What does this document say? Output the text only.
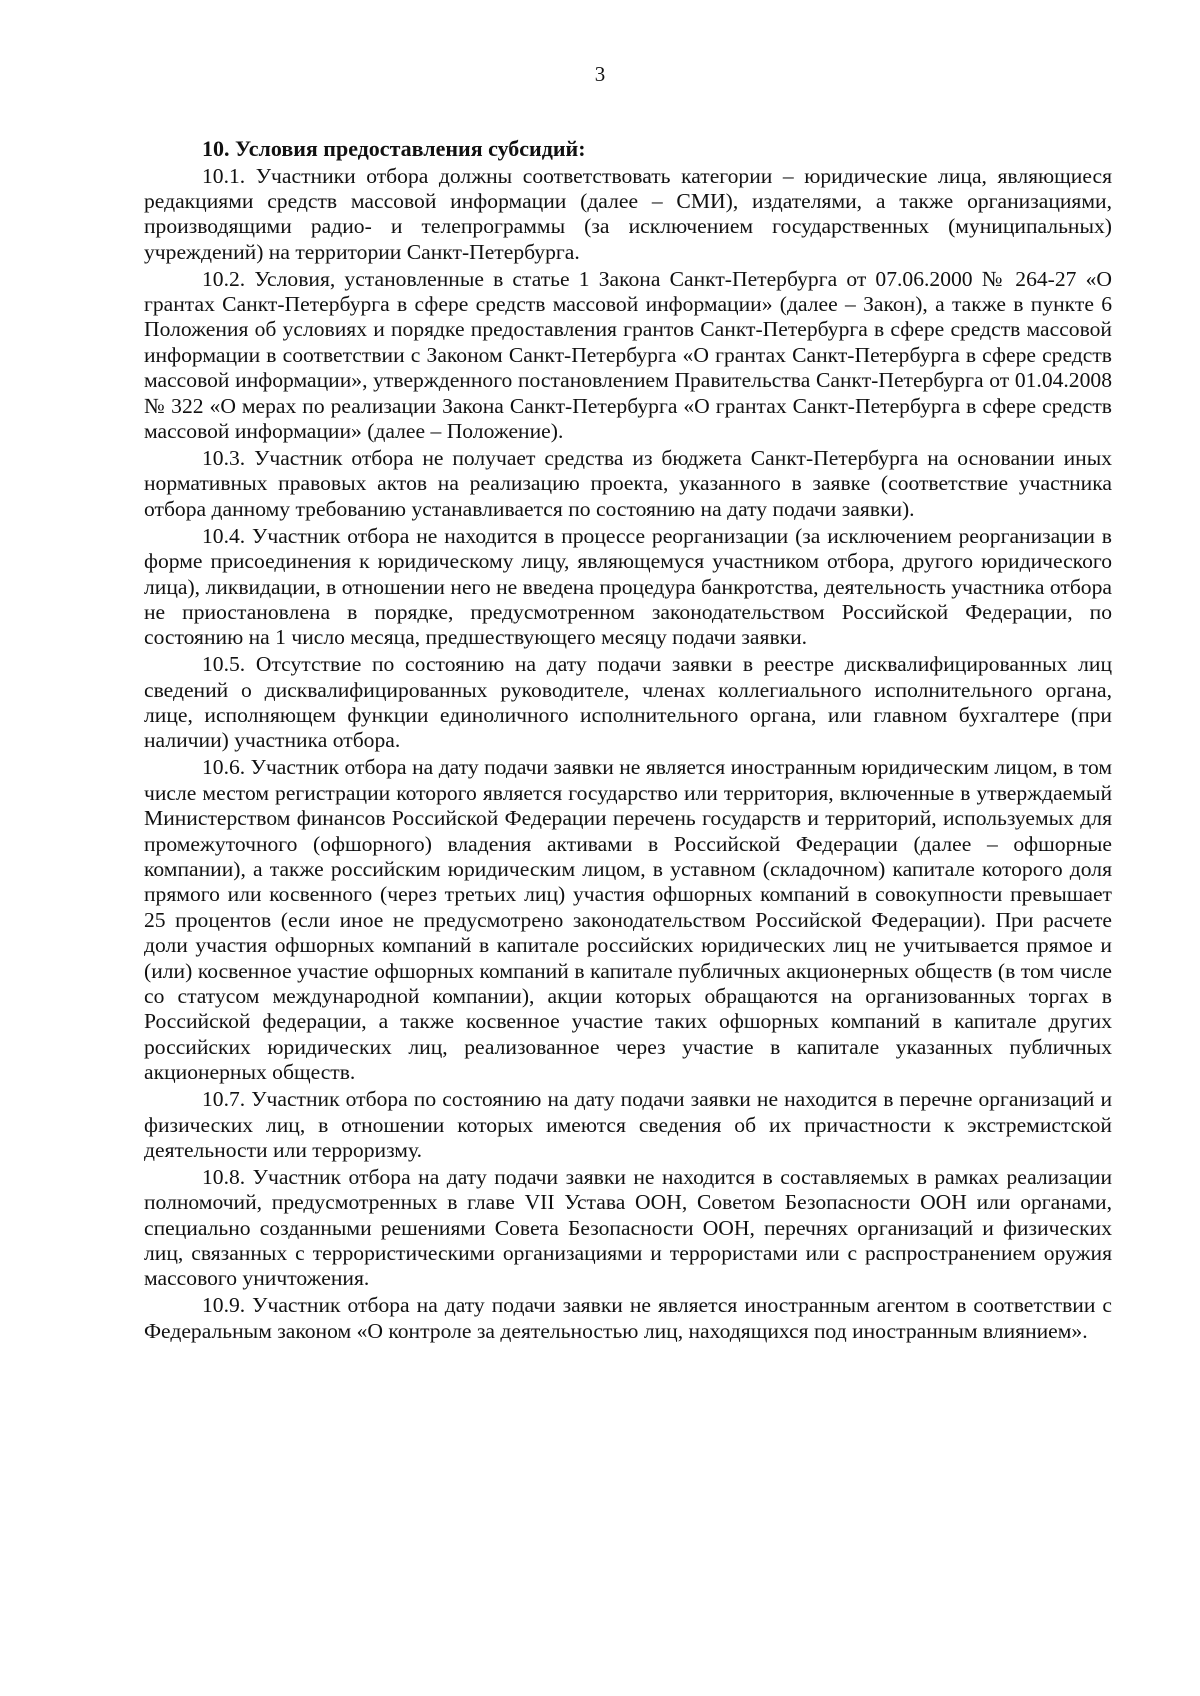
3

10. Условия предоставления субсидий:

10.1. Участники отбора должны соответствовать категории – юридические лица, являющиеся редакциями средств массовой информации (далее – СМИ), издателями, а также организациями, производящими радио- и телепрограммы (за исключением государственных (муниципальных) учреждений) на территории Санкт-Петербурга.

10.2. Условия, установленные в статье 1 Закона Санкт-Петербурга от 07.06.2000 № 264-27 «О грантах Санкт-Петербурга в сфере средств массовой информации» (далее – Закон), а также в пункте 6 Положения об условиях и порядке предоставления грантов Санкт-Петербурга в сфере средств массовой информации в соответствии с Законом Санкт-Петербурга «О грантах Санкт-Петербурга в сфере средств массовой информации», утвержденного постановлением Правительства Санкт-Петербурга от 01.04.2008 № 322 «О мерах по реализации Закона Санкт-Петербурга «О грантах Санкт-Петербурга в сфере средств массовой информации» (далее – Положение).

10.3. Участник отбора не получает средства из бюджета Санкт-Петербурга на основании иных нормативных правовых актов на реализацию проекта, указанного в заявке (соответствие участника отбора данному требованию устанавливается по состоянию на дату подачи заявки).

10.4. Участник отбора не находится в процессе реорганизации (за исключением реорганизации в форме присоединения к юридическому лицу, являющемуся участником отбора, другого юридического лица), ликвидации, в отношении него не введена процедура банкротства, деятельность участника отбора не приостановлена в порядке, предусмотренном законодательством Российской Федерации, по состоянию на 1 число месяца, предшествующего месяцу подачи заявки.

10.5. Отсутствие по состоянию на дату подачи заявки в реестре дисквалифицированных лиц сведений о дисквалифицированных руководителе, членах коллегиального исполнительного органа, лице, исполняющем функции единоличного исполнительного органа, или главном бухгалтере (при наличии) участника отбора.

10.6. Участник отбора на дату подачи заявки не является иностранным юридическим лицом, в том числе местом регистрации которого является государство или территория, включенные в утверждаемый Министерством финансов Российской Федерации перечень государств и территорий, используемых для промежуточного (офшорного) владения активами в Российской Федерации (далее – офшорные компании), а также российским юридическим лицом, в уставном (складочном) капитале которого доля прямого или косвенного (через третьих лиц) участия офшорных компаний в совокупности превышает 25 процентов (если иное не предусмотрено законодательством Российской Федерации). При расчете доли участия офшорных компаний в капитале российских юридических лиц не учитывается прямое и (или) косвенное участие офшорных компаний в капитале публичных акционерных обществ (в том числе со статусом международной компании), акции которых обращаются на организованных торгах в Российской федерации, а также косвенное участие таких офшорных компаний в капитале других российских юридических лиц, реализованное через участие в капитале указанных публичных акционерных обществ.

10.7. Участник отбора по состоянию на дату подачи заявки не находится в перечне организаций и физических лиц, в отношении которых имеются сведения об их причастности к экстремистской деятельности или терроризму.

10.8. Участник отбора на дату подачи заявки не находится в составляемых в рамках реализации полномочий, предусмотренных в главе VII Устава ООН, Советом Безопасности ООН или органами, специально созданными решениями Совета Безопасности ООН, перечнях организаций и физических лиц, связанных с террористическими организациями и террористами или с распространением оружия массового уничтожения.

10.9. Участник отбора на дату подачи заявки не является иностранным агентом в соответствии с Федеральным законом «О контроле за деятельностью лиц, находящихся под иностранным влиянием».
